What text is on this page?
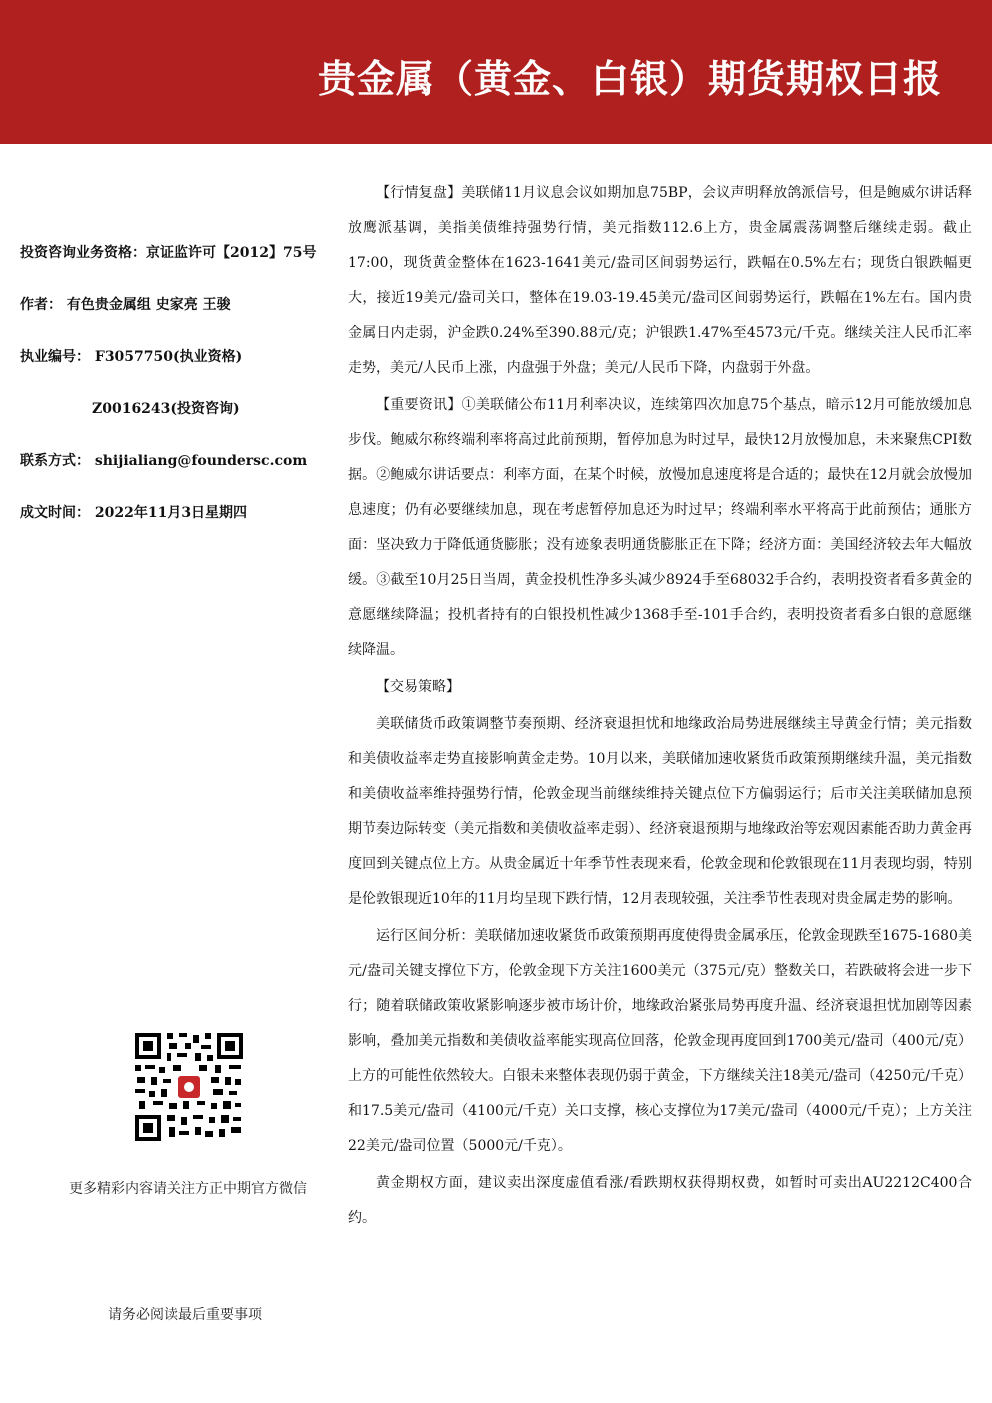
贵金属（黄金、白银）期货期权日报
投资咨询业务资格：京证监许可【2012】75号
作者： 有色贵金属组 史家亮 王骏
执业编号： F3057750(执业资格)
Z0016243(投资咨询)
联系方式： shijialiang@foundersc.com
成文时间： 2022年11月3日星期四
更多精彩内容请关注方正中期官方微信
请务必阅读最后重要事项

【行情复盘】美联储11月议息会议如期加息75BP，会议声明释放鸽派信号，但是鲍威尔讲话释放鹰派基调，美指美债维持强势行情，美元指数112.6上方，贵金属震荡调整后继续走弱。截止17:00，现货黄金整体在1623-1641美元/盎司区间弱势运行，跌幅在0.5%左右；现货白银跌幅更大，接近19美元/盎司关口，整体在19.03-19.45美元/盎司区间弱势运行，跌幅在1%左右。国内贵金属日内走弱，沪金跌0.24%至390.88元/克；沪银跌1.47%至4573元/千克。继续关注人民币汇率走势，美元/人民币上涨，内盘强于外盘；美元/人民币下降，内盘弱于外盘。

【重要资讯】①美联储公布11月利率决议，连续第四次加息75个基点，暗示12月可能放缓加息步伐。鲍威尔称终端利率将高过此前预期，暂停加息为时过早，最快12月放慢加息，未来聚焦CPI数据。②鲍威尔讲话要点：利率方面，在某个时候，放慢加息速度将是合适的；最快在12月就会放慢加息速度；仍有必要继续加息，现在考虑暂停加息还为时过早；终端利率水平将高于此前预估；通胀方面：坚决致力于降低通货膨胀；没有迹象表明通货膨胀正在下降；经济方面：美国经济较去年大幅放缓。③截至10月25日当周，黄金投机性净多头减少8924手至68032手合约，表明投资者看多黄金的意愿继续降温；投机者持有的白银投机性减少1368手至-101手合约，表明投资者看多白银的意愿继续降温。

【交易策略】

美联储货币政策调整节奏预期、经济衰退担忧和地缘政治局势进展继续主导黄金行情；美元指数和美债收益率走势直接影响黄金走势。10月以来，美联储加速收紧货币政策预期继续升温，美元指数和美债收益率维持强势行情，伦敦金现当前继续维持关键点位下方偏弱运行；后市关注美联储加息预期节奏边际转变（美元指数和美债收益率走弱）、经济衰退预期与地缘政治等宏观因素能否助力黄金再度回到关键点位上方。从贵金属近十年季节性表现来看，伦敦金现和伦敦银现在11月表现均弱，特别是伦敦银现近10年的11月均呈现下跌行情，12月表现较强，关注季节性表现对贵金属走势的影响。

运行区间分析：美联储加速收紧货币政策预期再度使得贵金属承压，伦敦金现跌至1675-1680美元/盎司关键支撑位下方，伦敦金现下方关注1600美元（375元/克）整数关口，若跌破将会进一步下行；随着联储政策收紧影响逐步被市场计价，地缘政治紧张局势再度升温、经济衰退担忧加剧等因素影响，叠加美元指数和美债收益率能实现高位回落，伦敦金现再度回到1700美元/盎司（400元/克）上方的可能性依然较大。白银未来整体表现仍弱于黄金，下方继续关注18美元/盎司（4250元/千克）和17.5美元/盎司（4100元/千克）关口支撑，核心支撑位为17美元/盎司（4000元/千克）；上方关注22美元/盎司位置（5000元/千克）。

黄金期权方面，建议卖出深度虚值看涨/看跌期权获得期权费，如暂时可卖出AU2212C400合约。
